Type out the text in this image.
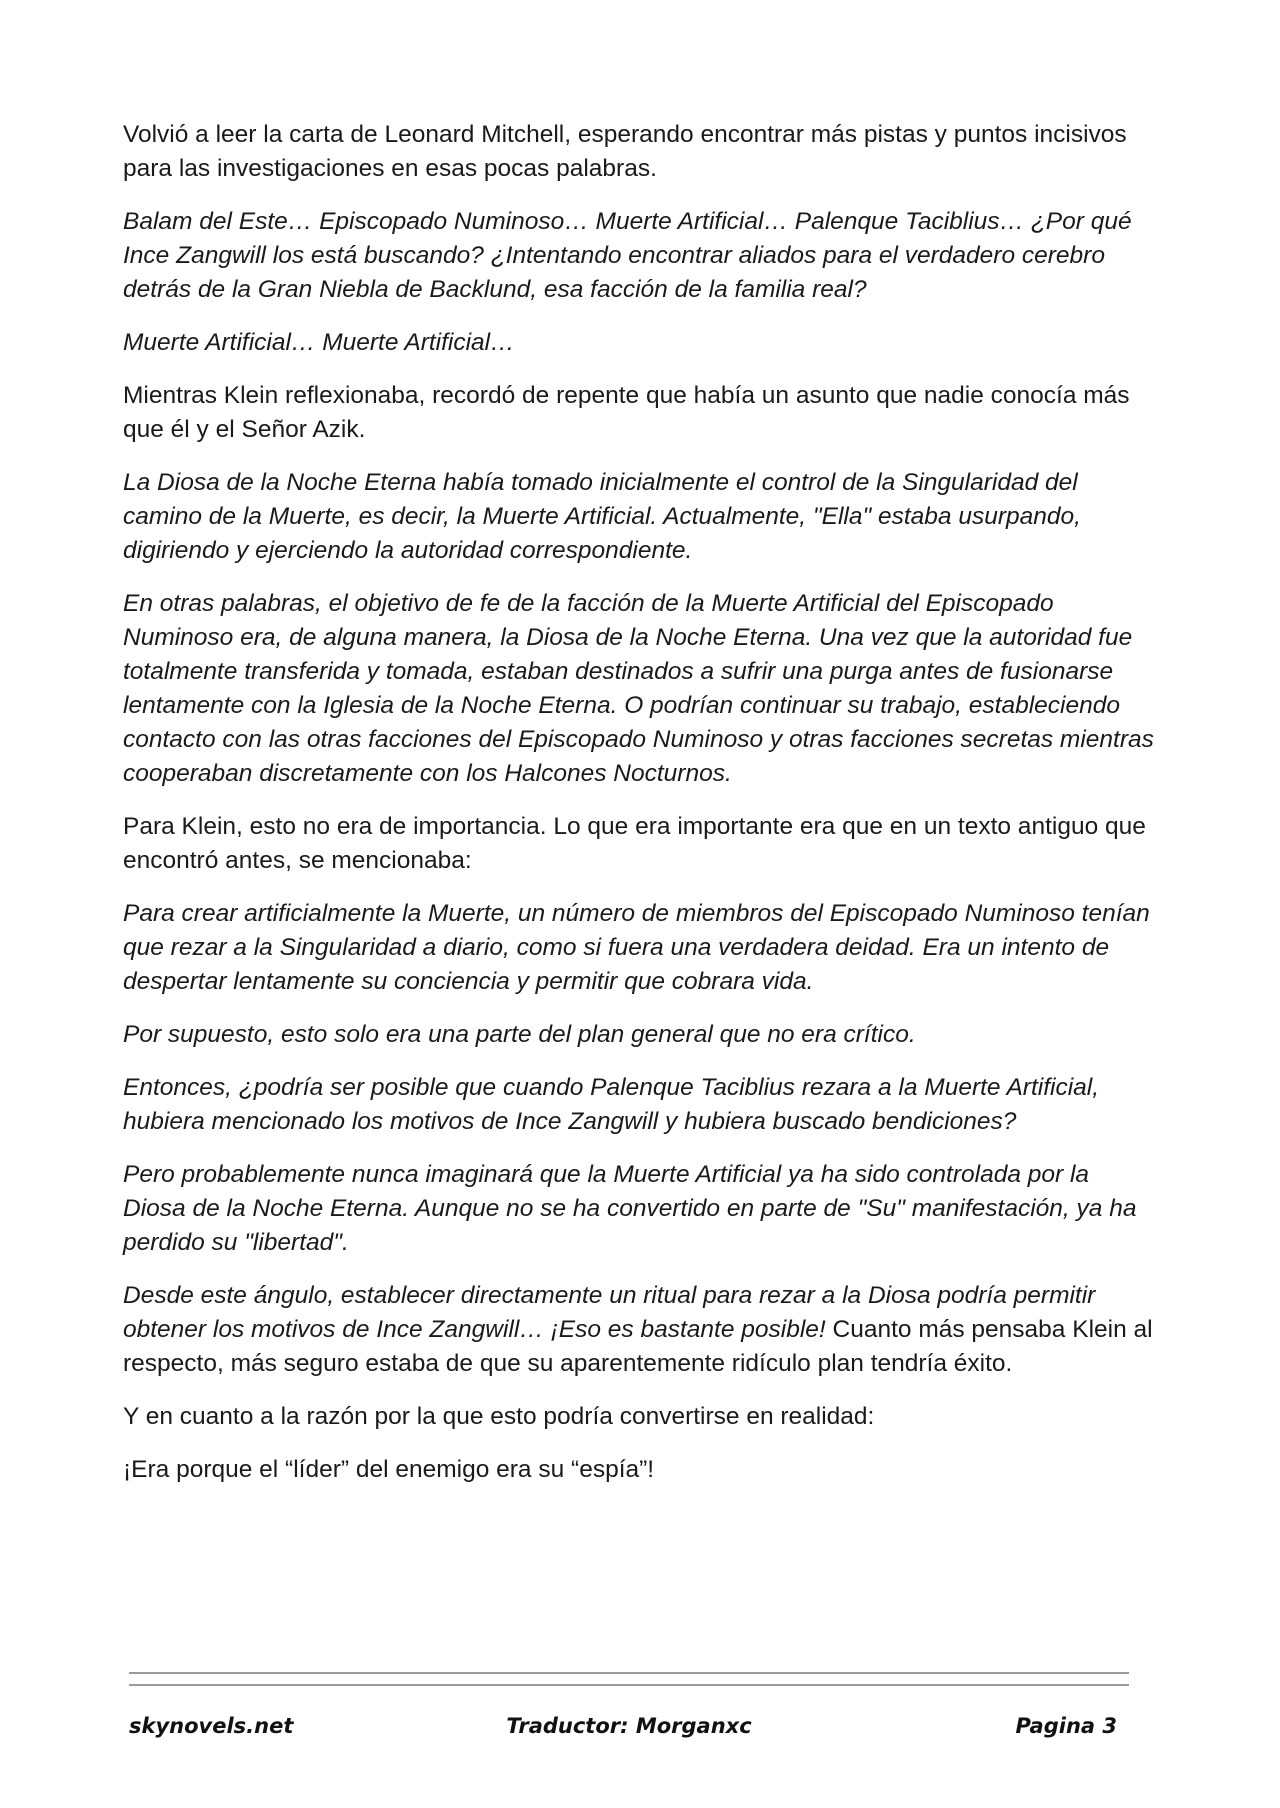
Volvió a leer la carta de Leonard Mitchell, esperando encontrar más pistas y puntos incisivos para las investigaciones en esas pocas palabras.

Balam del Este… Episcopado Numinoso… Muerte Artificial… Palenque Taciblius… ¿Por qué Ince Zangwill los está buscando? ¿Intentando encontrar aliados para el verdadero cerebro detrás de la Gran Niebla de Backlund, esa facción de la familia real?

Muerte Artificial… Muerte Artificial…

Mientras Klein reflexionaba, recordó de repente que había un asunto que nadie conocía más que él y el Señor Azik.

La Diosa de la Noche Eterna había tomado inicialmente el control de la Singularidad del camino de la Muerte, es decir, la Muerte Artificial. Actualmente, "Ella" estaba usurpando, digiriendo y ejerciendo la autoridad correspondiente.

En otras palabras, el objetivo de fe de la facción de la Muerte Artificial del Episcopado Numinoso era, de alguna manera, la Diosa de la Noche Eterna. Una vez que la autoridad fue totalmente transferida y tomada, estaban destinados a sufrir una purga antes de fusionarse lentamente con la Iglesia de la Noche Eterna. O podrían continuar su trabajo, estableciendo contacto con las otras facciones del Episcopado Numinoso y otras facciones secretas mientras cooperaban discretamente con los Halcones Nocturnos.

Para Klein, esto no era de importancia. Lo que era importante era que en un texto antiguo que encontró antes, se mencionaba:

Para crear artificialmente la Muerte, un número de miembros del Episcopado Numinoso tenían que rezar a la Singularidad a diario, como si fuera una verdadera deidad. Era un intento de despertar lentamente su conciencia y permitir que cobrara vida.

Por supuesto, esto solo era una parte del plan general que no era crítico.

Entonces, ¿podría ser posible que cuando Palenque Taciblius rezara a la Muerte Artificial, hubiera mencionado los motivos de Ince Zangwill y hubiera buscado bendiciones?

Pero probablemente nunca imaginará que la Muerte Artificial ya ha sido controlada por la Diosa de la Noche Eterna. Aunque no se ha convertido en parte de "Su" manifestación, ya ha perdido su "libertad".

Desde este ángulo, establecer directamente un ritual para rezar a la Diosa podría permitir obtener los motivos de Ince Zangwill… ¡Eso es bastante posible! Cuanto más pensaba Klein al respecto, más seguro estaba de que su aparentemente ridículo plan tendría éxito.

Y en cuanto a la razón por la que esto podría convertirse en realidad:

¡Era porque el “líder” del enemigo era su “espía”!

skynovels.net	Traductor: Morganxc	Pagina 3
